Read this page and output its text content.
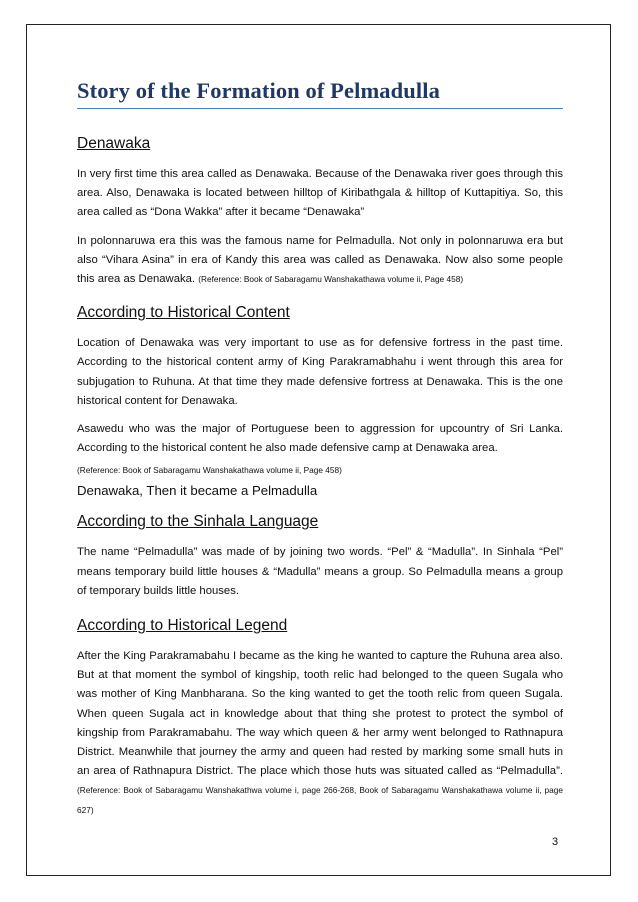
Story of the Formation of Pelmadulla
Denawaka

In very first time this area called as Denawaka. Because of the Denawaka river goes through this area. Also, Denawaka is located between hilltop of Kiribathgala & hilltop of Kuttapitiya. So, this area called as “Dona Wakka” after it became “Denawaka”

In polonnaruwa era this was the famous name for Pelmadulla. Not only in polonnaruwa era but also “Vihara Asina” in era of Kandy this area was called as Denawaka. Now also some people this area as Denawaka. (Reference: Book of Sabaragamu Wanshakathawa volume ii, Page 458)

According to Historical Content

Location of Denawaka was very important to use as for defensive fortress in the past time. According to the historical content army of King Parakramabhahu i went through this area for subjugation to Ruhuna. At that time they made defensive fortress at Denawaka. This is the one historical content for Denawaka.

Asawedu who was the major of Portuguese been to aggression for upcountry of Sri Lanka. According to the historical content he also made defensive camp at Denawaka area.

(Reference: Book of Sabaragamu Wanshakathawa volume ii, Page 458)

Denawaka, Then it became a Pelmadulla

According to the Sinhala Language

The name “Pelmadulla” was made of by joining two words. “Pel” & “Madulla”. In Sinhala “Pel” means temporary build little houses & “Madulla” means a group. So Pelmadulla means a group of temporary builds little houses.

According to Historical Legend

After the King Parakramabahu I became as the king he wanted to capture the Ruhuna area also. But at that moment the symbol of kingship, tooth relic had belonged to the queen Sugala who was mother of King Manbharana. So the king wanted to get the tooth relic from queen Sugala. When queen Sugala act in knowledge about that thing she protest to protect the symbol of kingship from Parakramabahu. The way which queen & her army went belonged to Rathnapura District. Meanwhile that journey the army and queen had rested by marking some small huts in an area of Rathnapura District. The place which those huts was situated called as “Pelmadulla”. (Reference: Book of Sabaragamu Wanshakathwa volume i, page 266-268, Book of Sabaragamu Wanshakathawa volume ii, page 627)

3
